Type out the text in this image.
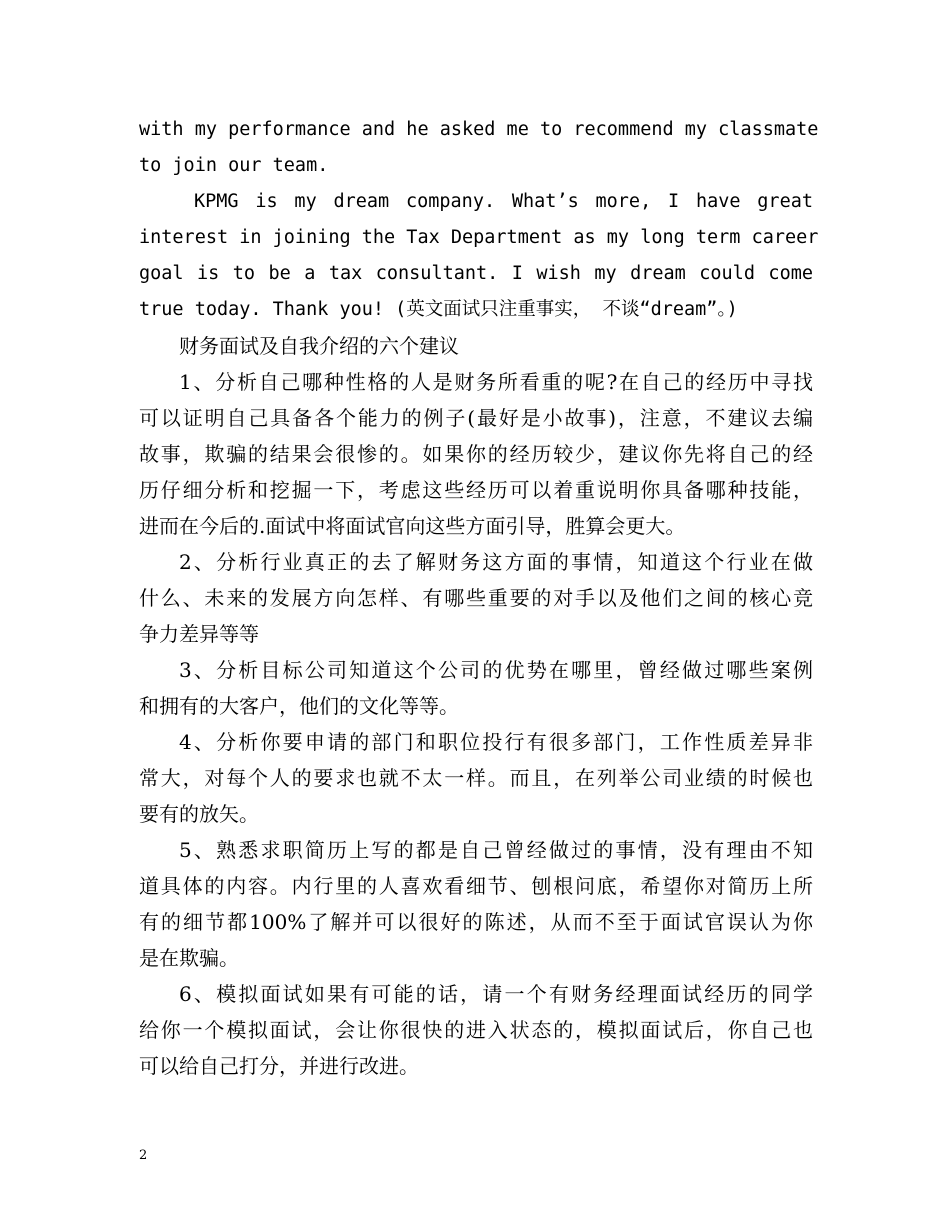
with my performance and he asked me to recommend my classmate
to join our team.
KPMG is my dream company. What’s more, I have great
interest in joining the Tax Department as my long term career
goal is to be a tax consultant. I wish my dream could come
true today. Thank you! (英文面试只注重事实， 不谈“dream”。)
财务面试及自我介绍的六个建议
1、分析自己哪种性格的人是财务所看重的呢?在自己的经历中寻找
可以证明自己具备各个能力的例子(最好是小故事)，注意，不建议去编
故事，欺骗的结果会很惨的。如果你的经历较少，建议你先将自己的经
历仔细分析和挖掘一下，考虑这些经历可以着重说明你具备哪种技能，
进而在今后的.面试中将面试官向这些方面引导，胜算会更大。
2、分析行业真正的去了解财务这方面的事情，知道这个行业在做
什么、未来的发展方向怎样、有哪些重要的对手以及他们之间的核心竞
争力差异等等
3、分析目标公司知道这个公司的优势在哪里，曾经做过哪些案例
和拥有的大客户，他们的文化等等。
4、分析你要申请的部门和职位投行有很多部门，工作性质差异非
常大，对每个人的要求也就不太一样。而且，在列举公司业绩的时候也
要有的放矢。
5、熟悉求职简历上写的都是自己曾经做过的事情，没有理由不知
道具体的内容。内行里的人喜欢看细节、刨根问底，希望你对简历上所
有的细节都100%了解并可以很好的陈述，从而不至于面试官误认为你
是在欺骗。
6、模拟面试如果有可能的话，请一个有财务经理面试经历的同学
给你一个模拟面试，会让你很快的进入状态的，模拟面试后，你自己也
可以给自己打分，并进行改进。
2
